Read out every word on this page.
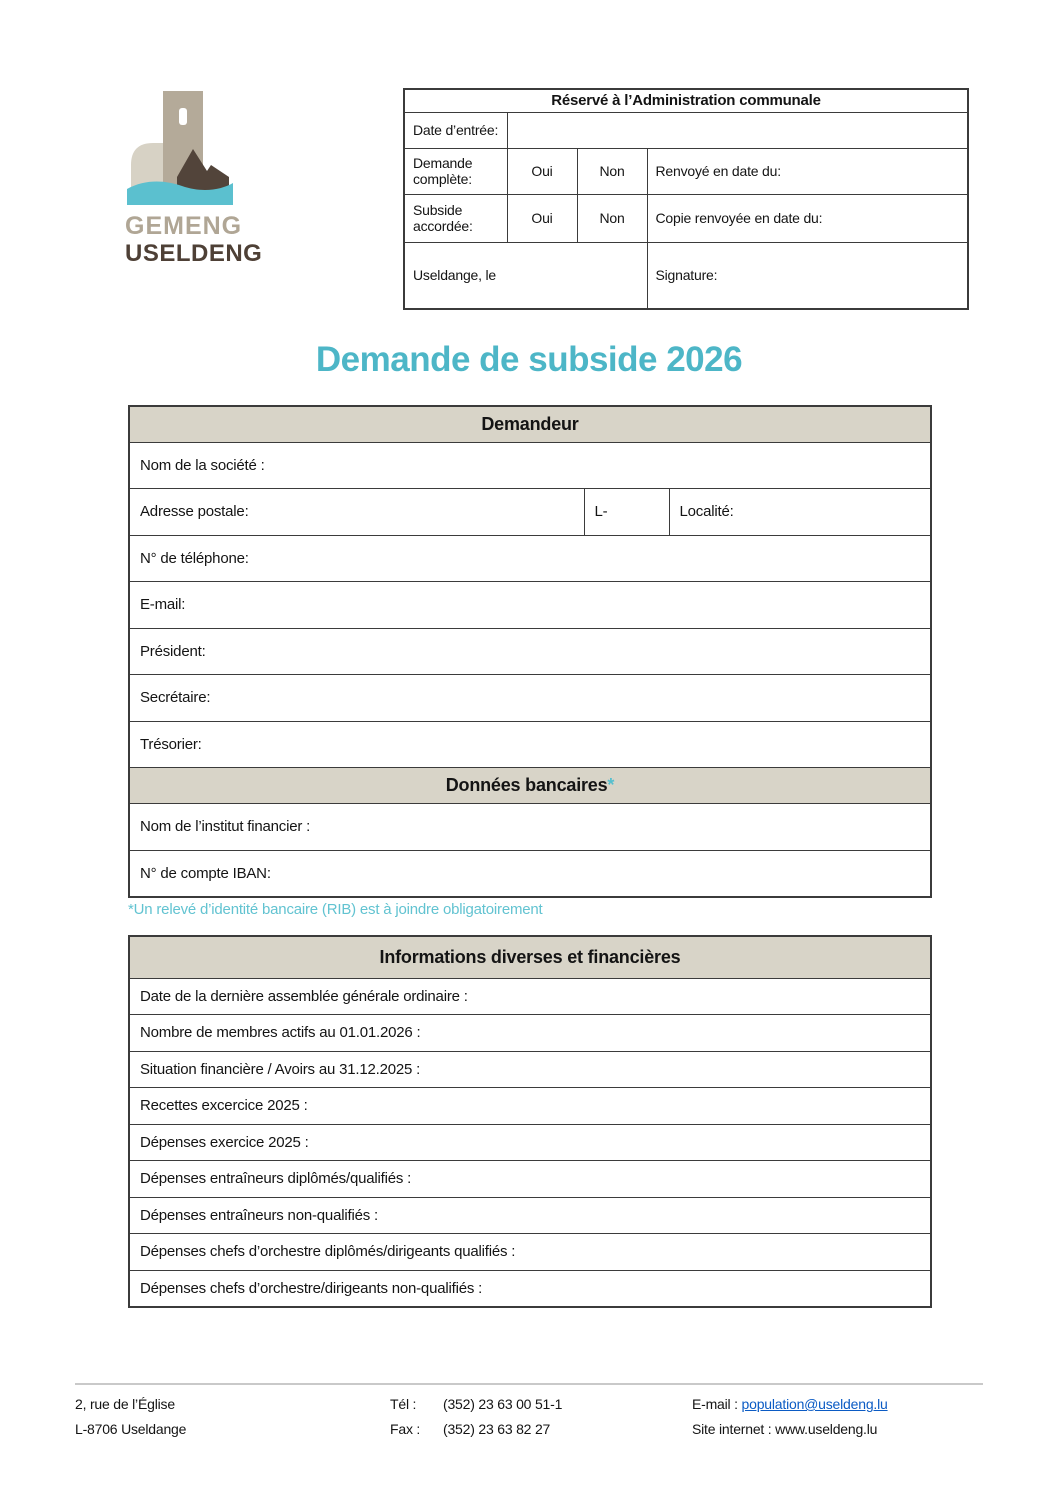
GEMENG
USELDENG
Réservé à l’Administration communale			
Date d’entrée:			
Demande complète:	Oui	Non	Renvoyé en date du:
Subside accordée:	Oui	Non	Copie renvoyée en date du:
Useldange, le			Signature:
Demande de subside 2026
Demandeur

Nom de la société :

Adresse postale:	L-	Localité:

N° de téléphone:

E-mail:

Président:

Secrétaire:

Trésorier:

Données bancaires*

Nom de l’institut financier :

N° de compte IBAN:
*Un relevé d’identité bancaire (RIB) est à joindre obligatoirement
Informations diverses et financières

Date de la dernière assemblée générale ordinaire :

Nombre de membres actifs au 01.01.2026 :

Situation financière / Avoirs au 31.12.2025 :

Recettes excercice 2025 :

Dépenses exercice 2025 :

Dépenses entraîneurs diplômés/qualifiés :

Dépenses entraîneurs non-qualifiés :

Dépenses chefs d’orchestre diplômés/dirigeants qualifiés :

Dépenses chefs d’orchestre/dirigeants non-qualifiés :
2, rue de l’Église
L-8706 Useldange
Tél :	(352) 23 63 00 51-1
Fax :	(352) 23 63 82 27
E-mail : population@useldeng.lu
Site internet : www.useldeng.lu
